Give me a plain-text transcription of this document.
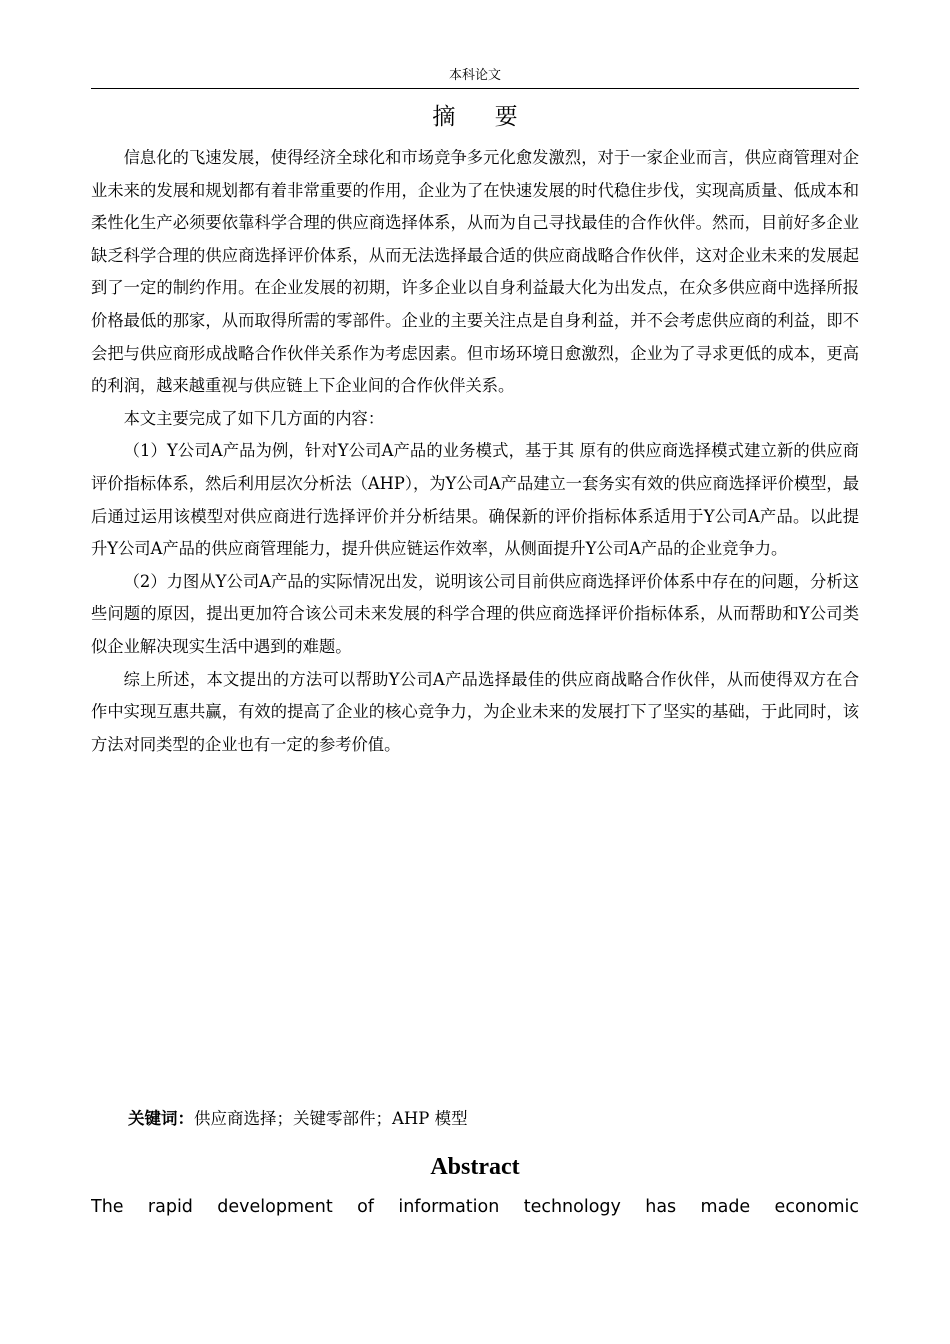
本科论文
摘 要

信息化的飞速发展，使得经济全球化和市场竞争多元化愈发激烈，对于一家企业而言，供应商管理对企业未来的发展和规划都有着非常重要的作用，企业为了在快速发展的时代稳住步伐，实现高质量、低成本和柔性化生产必须要依靠科学合理的供应商选择体系，从而为自己寻找最佳的合作伙伴。然而，目前好多企业缺乏科学合理的供应商选择评价体系，从而无法选择最合适的供应商战略合作伙伴，这对企业未来的发展起到了一定的制约作用。在企业发展的初期，许多企业以自身利益最大化为出发点，在众多供应商中选择所报价格最低的那家，从而取得所需的零部件。企业的主要关注点是自身利益，并不会考虑供应商的利益，即不会把与供应商形成战略合作伙伴关系作为考虑因素。但市场环境日愈激烈，企业为了寻求更低的成本，更高的利润，越来越重视与供应链上下企业间的合作伙伴关系。

本文主要完成了如下几方面的内容：

（1）Y公司A产品为例，针对Y公司A产品的业务模式，基于其 原有的供应商选择模式建立新的供应商评价指标体系，然后利用层次分析法（AHP），为Y公司A产品建立一套务实有效的供应商选择评价模型，最后通过运用该模型对供应商进行选择评价并分析结果。确保新的评价指标体系适用于Y公司A产品。以此提升Y公司A产品的供应商管理能力，提升供应链运作效率，从侧面提升Y公司A产品的企业竞争力。

（2）力图从Y公司A产品的实际情况出发，说明该公司目前供应商选择评价体系中存在的问题，分析这些问题的原因，提出更加符合该公司未来发展的科学合理的供应商选择评价指标体系，从而帮助和Y公司类似企业解决现实生活中遇到的难题。

综上所述，本文提出的方法可以帮助Y公司A产品选择最佳的供应商战略合作伙伴，从而使得双方在合作中实现互惠共赢，有效的提高了企业的核心竞争力，为企业未来的发展打下了坚实的基础，于此同时，该方法对同类型的企业也有一定的参考价值。

关键词：供应商选择；关键零部件；AHP 模型
Abstract
The rapid development of information technology has made economic
